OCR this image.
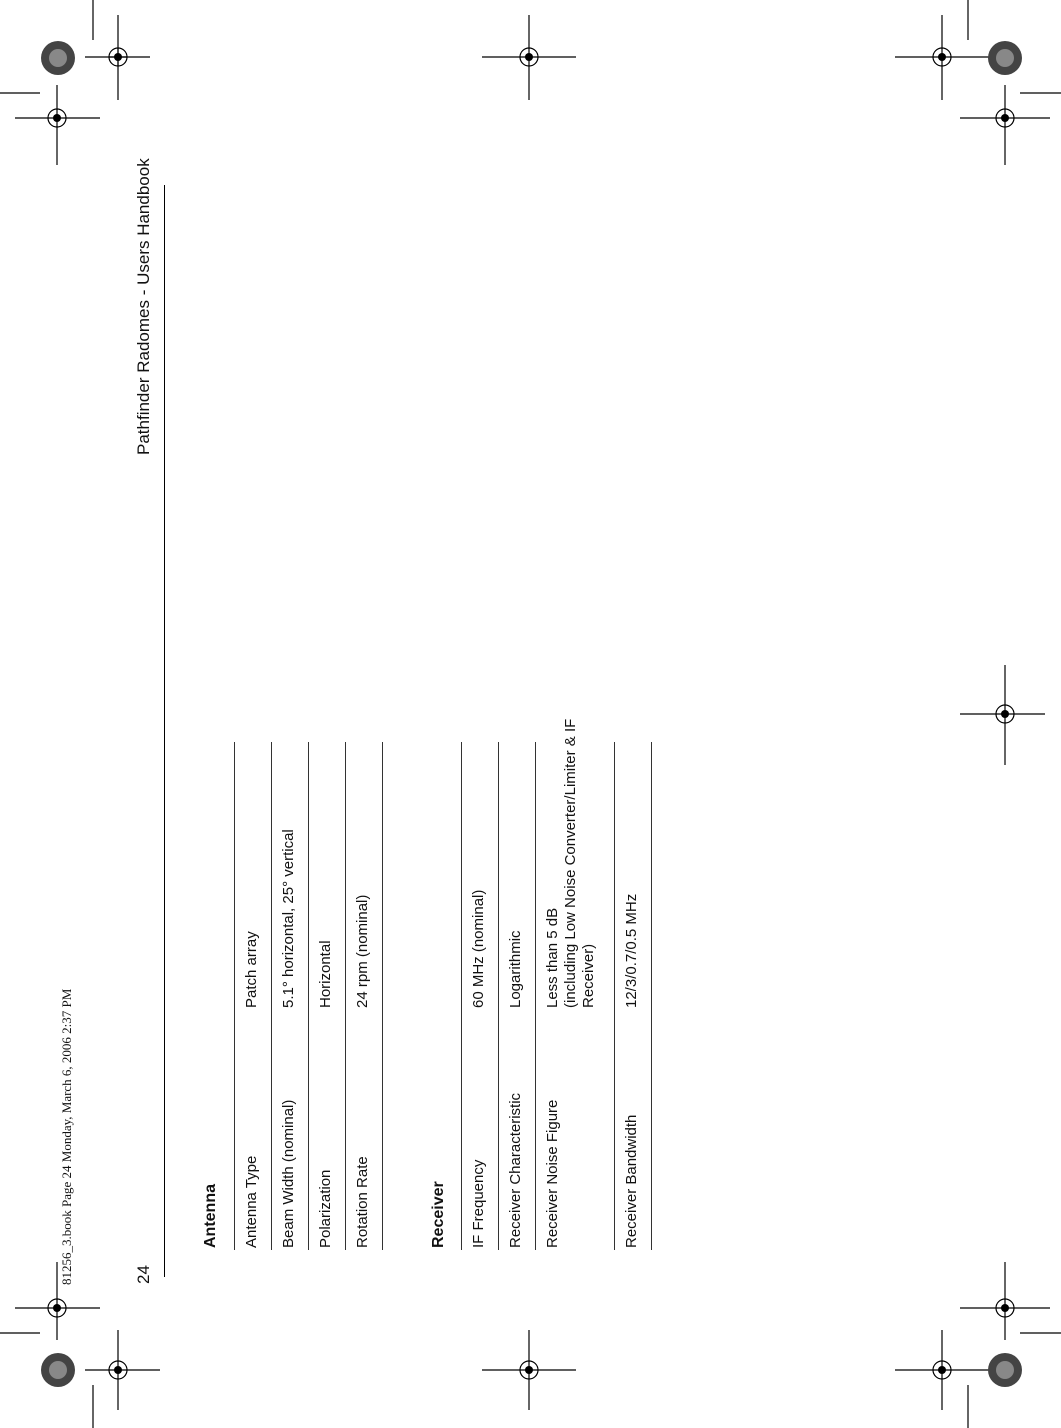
24
Pathfinder Radomes - Users Handbook
81256_3.book Page 24 Monday, March 6, 2006 2:37 PM	Antenna Antenna Type
Patch array
Beam Width (nominal)
5.1° horizontal, 25° vertical
Polarization
Horizontal
Rotation Rate
24 rpm (nominal)
Receiver IF Frequency
60 MHz (nominal)
Receiver Characteristic
Logarithmic
Receiver Noise Figure
Less than 5 dB (including Low Noise Converter/Limiter & IF Receiver)
Receiver Bandwidth
12/3/0.7/0.5 MHz
